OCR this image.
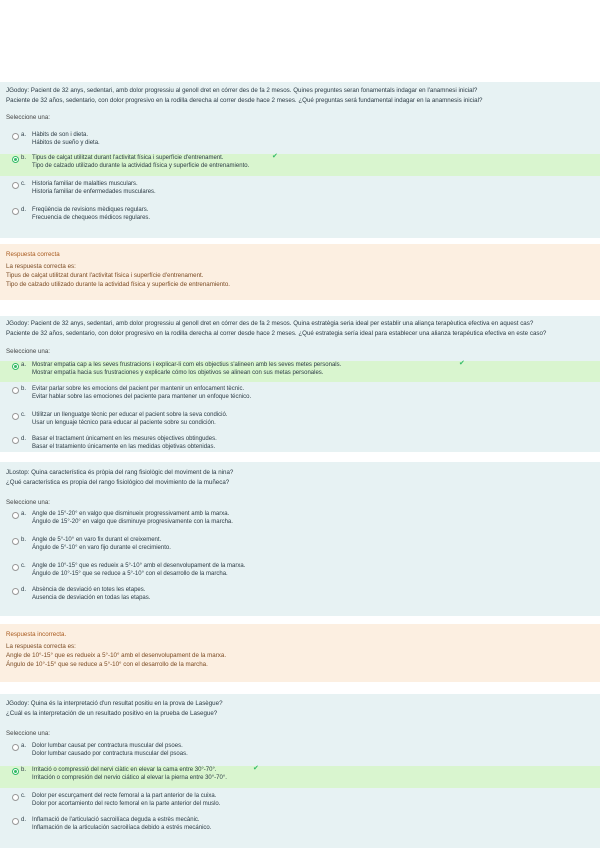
JGodoy: Pacient de 32 anys, sedentari, amb dolor progressiu al genoll dret en córrer des de fa 2 mesos. Quines preguntes seran fonamentals indagar en l'anamnesi inicial?
Paciente de 32 años, sedentario, con dolor progresivo en la rodilla derecha al correr desde hace 2 meses. ¿Qué preguntas será fundamental indagar en la anamnesis inicial?
Seleccione una:
a. Hàbits de son i dieta.
Hábitos de sueño y dieta.
b. Tipus de calçat utilitzat durant l'activitat física i superfície d'entrenament.
Tipo de calzado utilizado durante la actividad física y superficie de entrenamiento.
✔
c. Historia familiar de malalties musculars.
Historia familiar de enfermedades musculares.
d. Freqüència de revisions mèdiques regulars.
Frecuencia de chequeos médicos regulares.
Respuesta correcta
La respuesta correcta es:
Tipus de calçat utilitzat durant l'activitat física i superfície d'entrenament.
Tipo de calzado utilizado durante la actividad física y superficie de entrenamiento.
JGodoy: Pacient de 32 anys, sedentari, amb dolor progressiu al genoll dret en córrer des de fa 2 mesos. Quina estratègia seria ideal per establir una aliança terapèutica efectiva en aquest cas?
Paciente de 32 años, sedentario, con dolor progresivo en la rodilla derecha al correr desde hace 2 meses. ¿Qué estrategia sería ideal para establecer una alianza terapéutica efectiva en este caso?
Seleccione una:
a. Mostrar empatia cap a les seves frustracions i explicar-li com els objectius s'alineen amb les seves metes personals.
Mostrar empatía hacia sus frustraciones y explicarle cómo los objetivos se alinean con sus metas personales.
✔
b. Evitar parlar sobre les emocions del pacient per mantenir un enfocament tècnic.
Evitar hablar sobre las emociones del paciente para mantener un enfoque técnico.
c. Utilitzar un llenguatge tècnic per educar el pacient sobre la seva condició.
Usar un lenguaje técnico para educar al paciente sobre su condición.
d. Basar el tractament únicament en les mesures objectives obtingudes.
Basar el tratamiento únicamente en las medidas objetivas obtenidas.
JLostop: Quina característica és pròpia del rang fisiològic del moviment de la nina?
¿Qué característica es propia del rango fisiológico del movimiento de la muñeca?
Seleccione una:
a. Angle de 15°-20° en valgo que disminueix progressivament amb la marxa.
Ángulo de 15°-20° en valgo que disminuye progresivamente con la marcha.
b. Angle de 5°-10° en varo fix durant el creixement.
Ángulo de 5°-10° en varo fijo durante el crecimiento.
c. Angle de 10°-15° que es redueix a 5°-10° amb el desenvolupament de la marxa.
Ángulo de 10°-15° que se reduce a 5°-10° con el desarrollo de la marcha.
d. Absència de desviació en totes les etapes.
Ausencia de desviación en todas las etapas.
Respuesta incorrecta.
La respuesta correcta es:
Angle de 10°-15° que es redueix a 5°-10° amb el desenvolupament de la marxa.
Ángulo de 10°-15° que se reduce a 5°-10° con el desarrollo de la marcha.
JGodoy: Quina és la interpretació d'un resultat positiu en la prova de Lasègue?
¿Cuál es la interpretación de un resultado positivo en la prueba de Lasegue?
Seleccione una:
a. Dolor lumbar causat per contractura muscular del psoes.
Dolor lumbar causado por contractura muscular del psoas.
b. Irritació o compressió del nervi ciàtic en elevar la cama entre 30°-70°.
Irritación o compresión del nervio ciático al elevar la pierna entre 30°-70°.
✔
c. Dolor per escurçament del recte femoral a la part anterior de la cuixa.
Dolor por acortamiento del recto femoral en la parte anterior del muslo.
d. Inflamació de l'articulació sacroilíaca deguda a estrès mecànic.
Inflamación de la articulación sacroilíaca debido a estrés mecánico.
